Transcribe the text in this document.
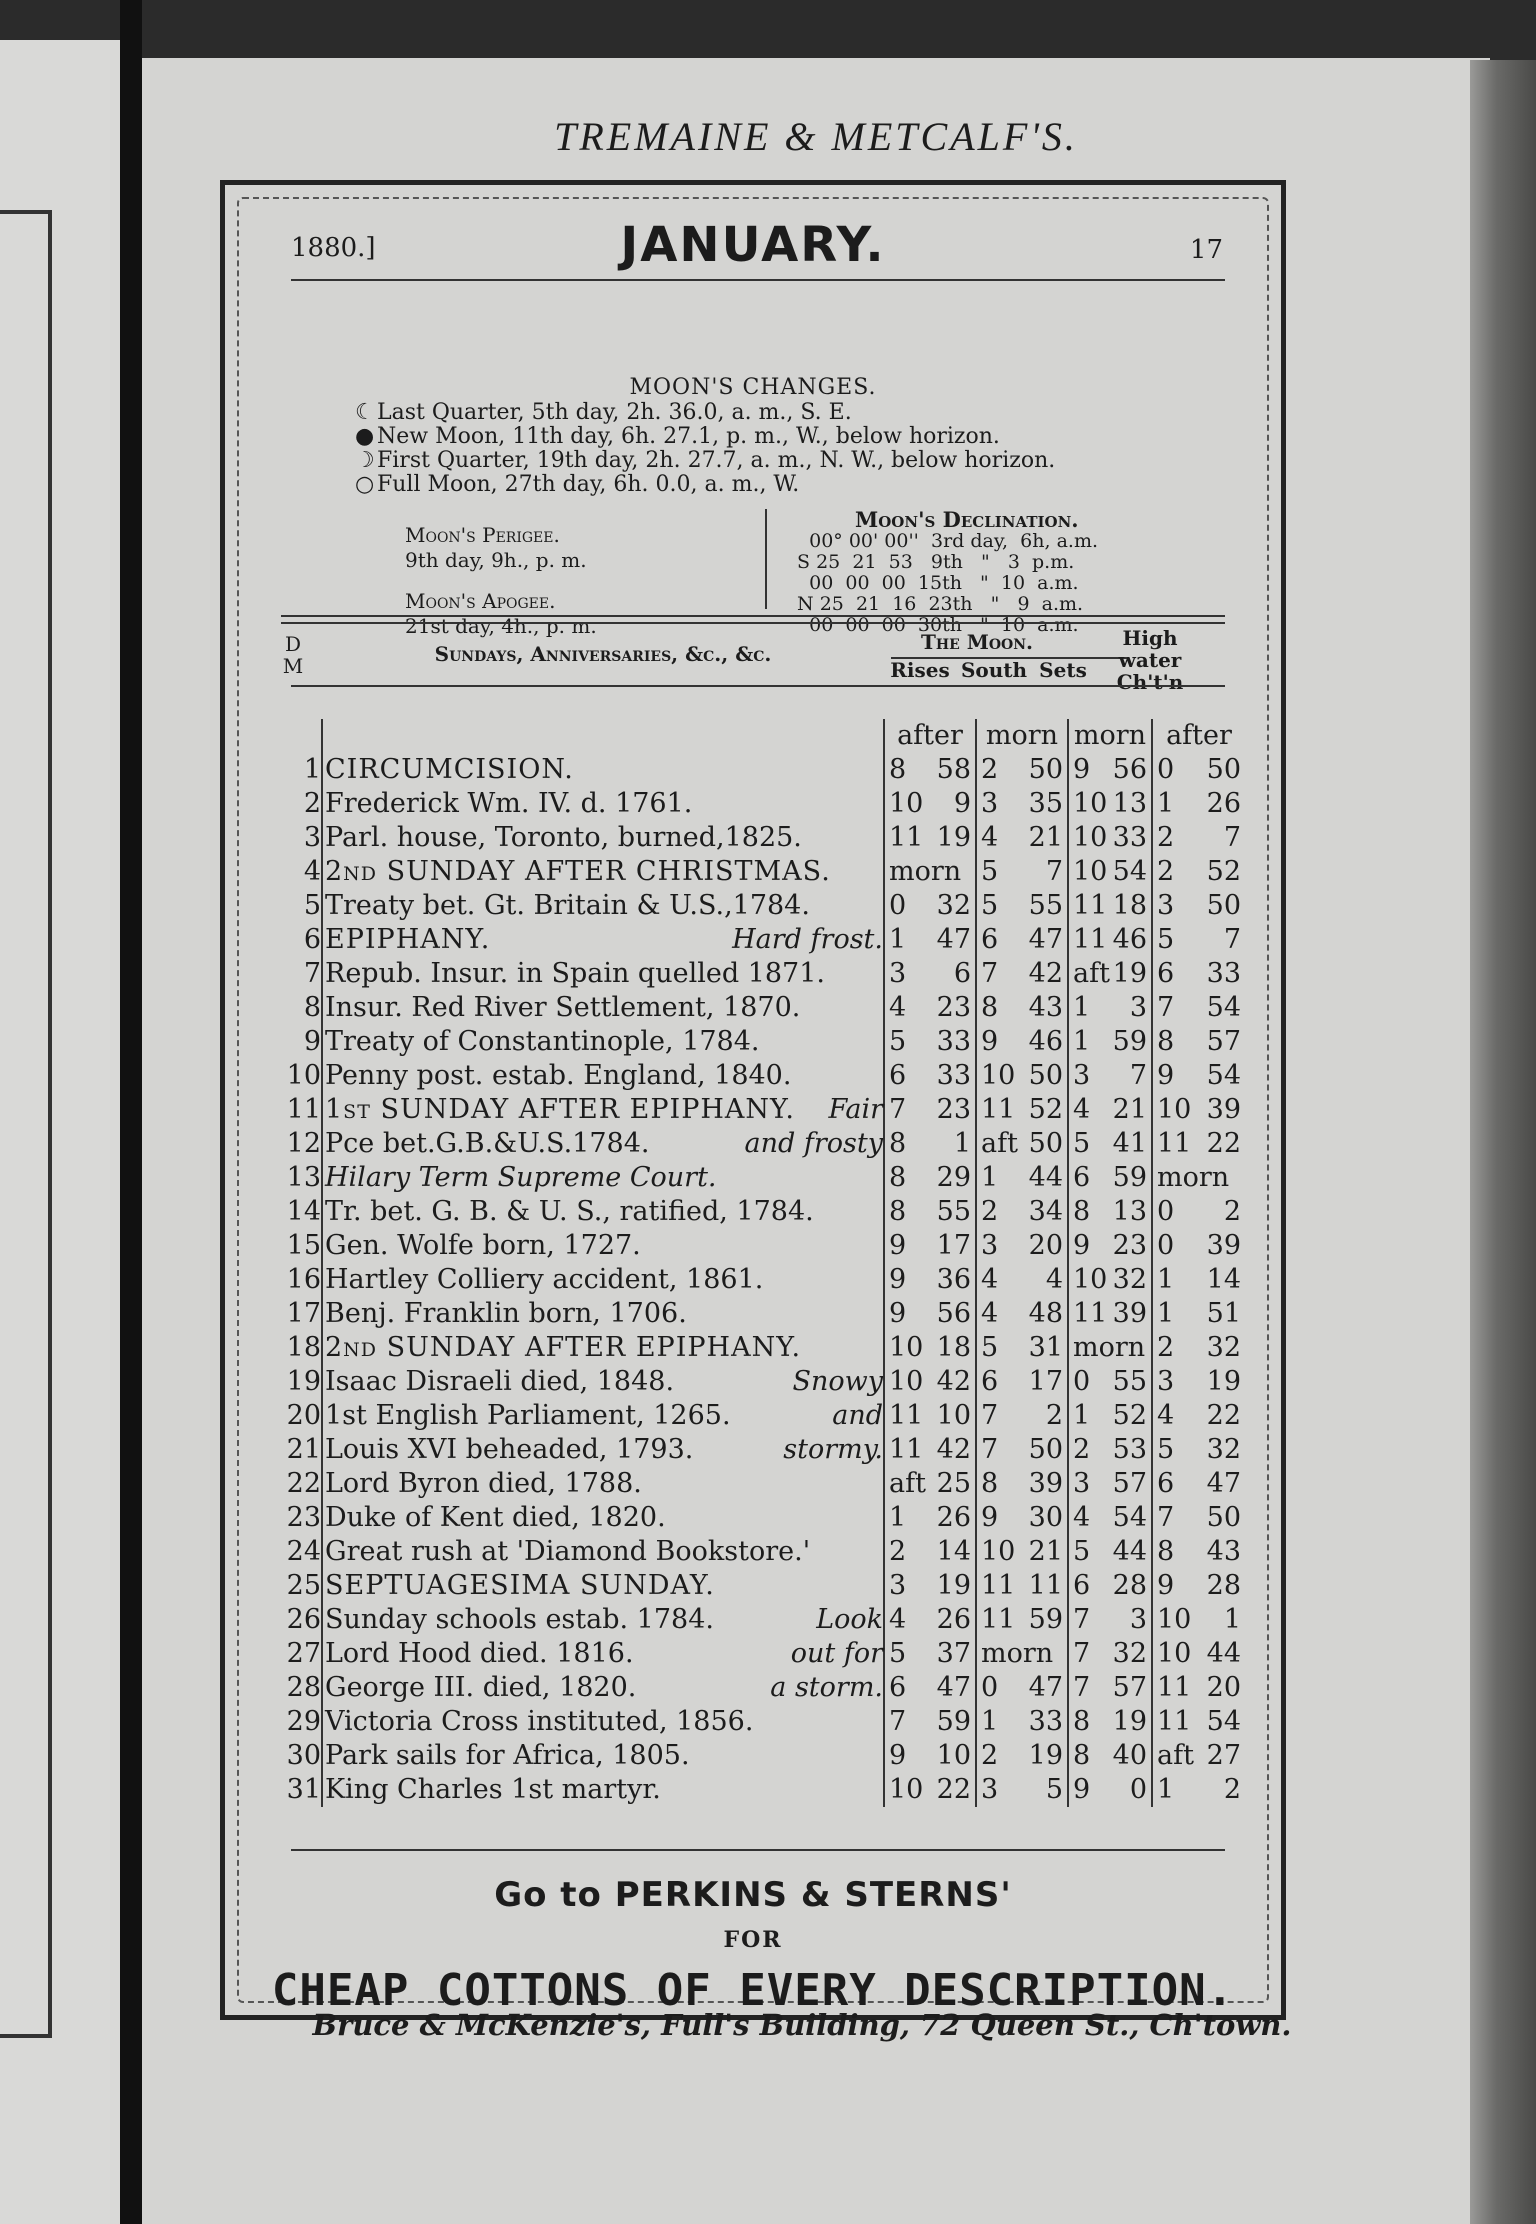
TREMAINE & METCALF'S.
1880.]	JANUARY.	17
MOON'S CHANGES.
☾ Last Quarter, 5th day, 2h. 36.0, a. m., S. E.
● New Moon, 11th day, 6h. 27.1, p. m., W., below horizon.
☽ First Quarter, 19th day, 2h. 27.7, a. m., N. W., below horizon.
○ Full Moon, 27th day, 6h. 0.0, a. m., W.
Moon's Perigee.
9th day, 9h., p. m.
Moon's Apogee.
21st day, 4h., p. m.
Moon's Declination.
00° 00' 00''  3rd day,  6h, a.m.
S 25  21  53   9th   "   3  p.m.
00  00  00  15th   "  10  a.m.
N 25  21  16  23th   "   9  a.m.
00  00  00  30th   "  10  a.m.
D
M	Sundays, Anniversaries, &c., &c.	The Moon.
Rises South Sets
High water Ch't'n
		after	morn	morn	after
1	CIRCUMCISION.	8 58	2 50	9 56	0 50

2	Frederick Wm. IV. d. 1761.	10 9	3 35	10 13	1 26

3	Parl. house, Toronto, burned,1825.	11 19	4 21	10 33	2 7

4	2nd SUNDAY AFTER CHRISTMAS.	morn	5 7	10 54	2 52

5	Treaty bet. Gt. Britain & U.S.,1784.	0 32	5 55	11 18	3 50

6	EPIPHANY. Hard frost.	1 47	6 47	11 46	5 7

7	Repub. Insur. in Spain quelled 1871.	3 6	7 42	aft 19	6 33

8	Insur. Red River Settlement, 1870.	4 23	8 43	1 3	7 54

9	Treaty of Constantinople, 1784.	5 33	9 46	1 59	8 57

10	Penny post. estab. England, 1840.	6 33	10 50	3 7	9 54

11	1st SUNDAY AFTER EPIPHANY. Fair	7 23	11 52	4 21	10 39

12	Pce bet.G.B.&U.S.1784. and frosty	8 1	aft 50	5 41	11 22

13	Hilary Term Supreme Court.	8 29	1 44	6 59	morn

14	Tr. bet. G. B. & U. S., ratified, 1784.	8 55	2 34	8 13	0 2

15	Gen. Wolfe born, 1727.	9 17	3 20	9 23	0 39

16	Hartley Colliery accident, 1861.	9 36	4 4	10 32	1 14

17	Benj. Franklin born, 1706.	9 56	4 48	11 39	1 51

18	2nd SUNDAY AFTER EPIPHANY.	10 18	5 31	morn	2 32

19	Isaac Disraeli died, 1848. Snowy	10 42	6 17	0 55	3 19

20	1st English Parliament, 1265. and	11 10	7 2	1 52	4 22

21	Louis XVI beheaded, 1793. stormy.	11 42	7 50	2 53	5 32

22	Lord Byron died, 1788.	aft 25	8 39	3 57	6 47

23	Duke of Kent died, 1820.	1 26	9 30	4 54	7 50

24	Great rush at 'Diamond Bookstore.'	2 14	10 21	5 44	8 43

25	SEPTUAGESIMA SUNDAY.	3 19	11 11	6 28	9 28

26	Sunday schools estab. 1784. Look	4 26	11 59	7 3	10 1

27	Lord Hood died. 1816. out for	5 37	morn	7 32	10 44

28	George III. died, 1820. a storm.	6 47	0 47	7 57	11 20

29	Victoria Cross instituted, 1856.	7 59	1 33	8 19	11 54

30	Park sails for Africa, 1805.	9 10	2 19	8 40	aft 27

31	King Charles 1st martyr.	10 22	3 5	9 0	1 2
Go to PERKINS & STERNS'
FOR
CHEAP COTTONS OF EVERY DESCRIPTION.
Bruce & McKenzie's, Full's Building, 72 Queen St., Ch'town.
